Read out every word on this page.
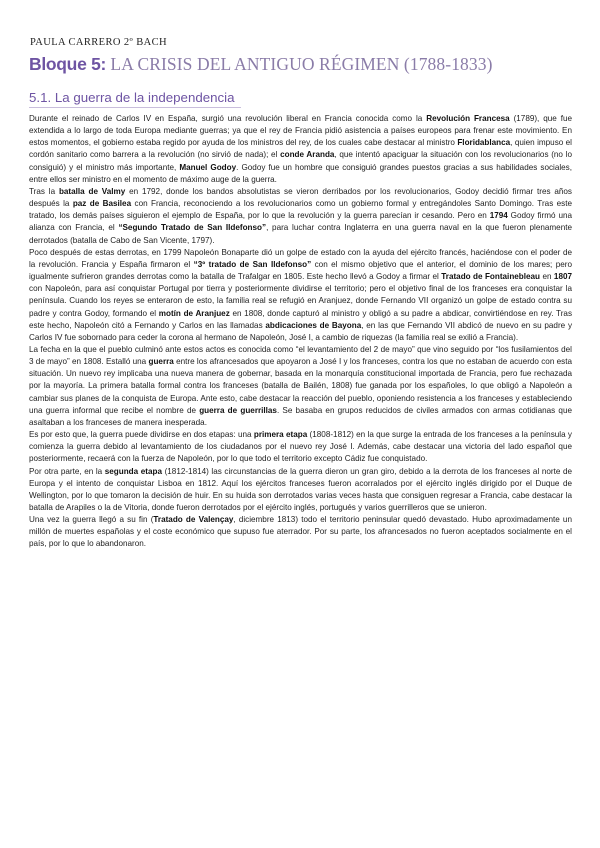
PAULA CARRERO 2º BACH
Bloque 5: LA CRISIS DEL ANTIGUO RÉGIMEN (1788-1833)
5.1. La guerra de la independencia

Durante el reinado de Carlos IV en España, surgió una revolución liberal en Francia conocida como la Revolución Francesa (1789), que fue extendida a lo largo de toda Europa mediante guerras; ya que el rey de Francia pidió asistencia a países europeos para frenar este movimiento. En estos momentos, el gobierno estaba regido por ayuda de los ministros del rey, de los cuales cabe destacar al ministro Floridablanca, quien impuso el cordón sanitario como barrera a la revolución (no sirvió de nada); el conde Aranda, que intentó apaciguar la situación con los revolucionarios (no lo consiguió) y el ministro más importante, Manuel Godoy. Godoy fue un hombre que consiguió grandes puestos gracias a sus habilidades sociales, entre ellos ser ministro en el momento de máximo auge de la guerra.

Tras la batalla de Valmy en 1792, donde los bandos absolutistas se vieron derribados por los revolucionarios, Godoy decidió firmar tres años después la paz de Basilea con Francia, reconociendo a los revolucionarios como un gobierno formal y entregándoles Santo Domingo. Tras este tratado, los demás países siguieron el ejemplo de España, por lo que la revolución y la guerra parecían ir cesando. Pero en 1794 Godoy firmó una alianza con Francia, el “Segundo Tratado de San Ildefonso”, para luchar contra Inglaterra en una guerra naval en la que fueron plenamente derrotados (batalla de Cabo de San Vicente, 1797).

Poco después de estas derrotas, en 1799 Napoleón Bonaparte dió un golpe de estado con la ayuda del ejército francés, haciéndose con el poder de la revolución. Francia y España firmaron el “3º tratado de San Ildefonso” con el mismo objetivo que el anterior, el dominio de los mares; pero igualmente sufrieron grandes derrotas como la batalla de Trafalgar en 1805. Este hecho llevó a Godoy a firmar el Tratado de Fontainebleau en 1807 con Napoleón, para así conquistar Portugal por tierra y posteriormente dividirse el territorio; pero el objetivo final de los franceses era conquistar la península. Cuando los reyes se enteraron de esto, la familia real se refugió en Aranjuez, donde Fernando VII organizó un golpe de estado contra su padre y contra Godoy, formando el motín de Aranjuez en 1808, donde capturó al ministro y obligó a su padre a abdicar, convirtiéndose en rey. Tras este hecho, Napoleón citó a Fernando y Carlos en las llamadas abdicaciones de Bayona, en las que Fernando VII abdicó de nuevo en su padre y Carlos IV fue sobornado para ceder la corona al hermano de Napoleón, José I, a cambio de riquezas (la familia real se exilió a Francia).

La fecha en la que el pueblo culminó ante estos actos es conocida como “el levantamiento del 2 de mayo” que vino seguido por “los fusilamientos del 3 de mayo” en 1808. Estalló una guerra entre los afrancesados que apoyaron a José I y los franceses, contra los que no estaban de acuerdo con esta situación. Un nuevo rey implicaba una nueva manera de gobernar, basada en la monarquía constitucional importada de Francia, pero fue rechazada por la mayoría. La primera batalla formal contra los franceses (batalla de Bailén, 1808) fue ganada por los españoles, lo que obligó a Napoleón a cambiar sus planes de la conquista de Europa. Ante esto, cabe destacar la reacción del pueblo, oponiendo resistencia a los franceses y estableciendo una guerra informal que recibe el nombre de guerra de guerrillas. Se basaba en grupos reducidos de civiles armados con armas cotidianas que asaltaban a los franceses de manera inesperada.

Es por esto que, la guerra puede dividirse en dos etapas: una primera etapa (1808-1812) en la que surge la entrada de los franceses a la península y comienza la guerra debido al levantamiento de los ciudadanos por el nuevo rey José I. Además, cabe destacar una victoria del lado español que posteriormente, recaerá con la fuerza de Napoleón, por lo que todo el territorio excepto Cádiz fue conquistado.

Por otra parte, en la segunda etapa (1812-1814) las circunstancias de la guerra dieron un gran giro, debido a la derrota de los franceses al norte de Europa y el intento de conquistar Lisboa en 1812. Aquí los ejércitos franceses fueron acorralados por el ejército inglés dirigido por el Duque de Wellington, por lo que tomaron la decisión de huir. En su huida son derrotados varias veces hasta que consiguen regresar a Francia, cabe destacar la batalla de Arapiles o la de Vitoria, donde fueron derrotados por el ejército inglés, portugués y varios guerrilleros que se unieron.

Una vez la guerra llegó a su fin (Tratado de Valençay, diciembre 1813) todo el territorio peninsular quedó devastado. Hubo aproximadamente un millón de muertes españolas y el coste económico que supuso fue aterrador. Por su parte, los afrancesados no fueron aceptados socialmente en el país, por lo que lo abandonaron.
